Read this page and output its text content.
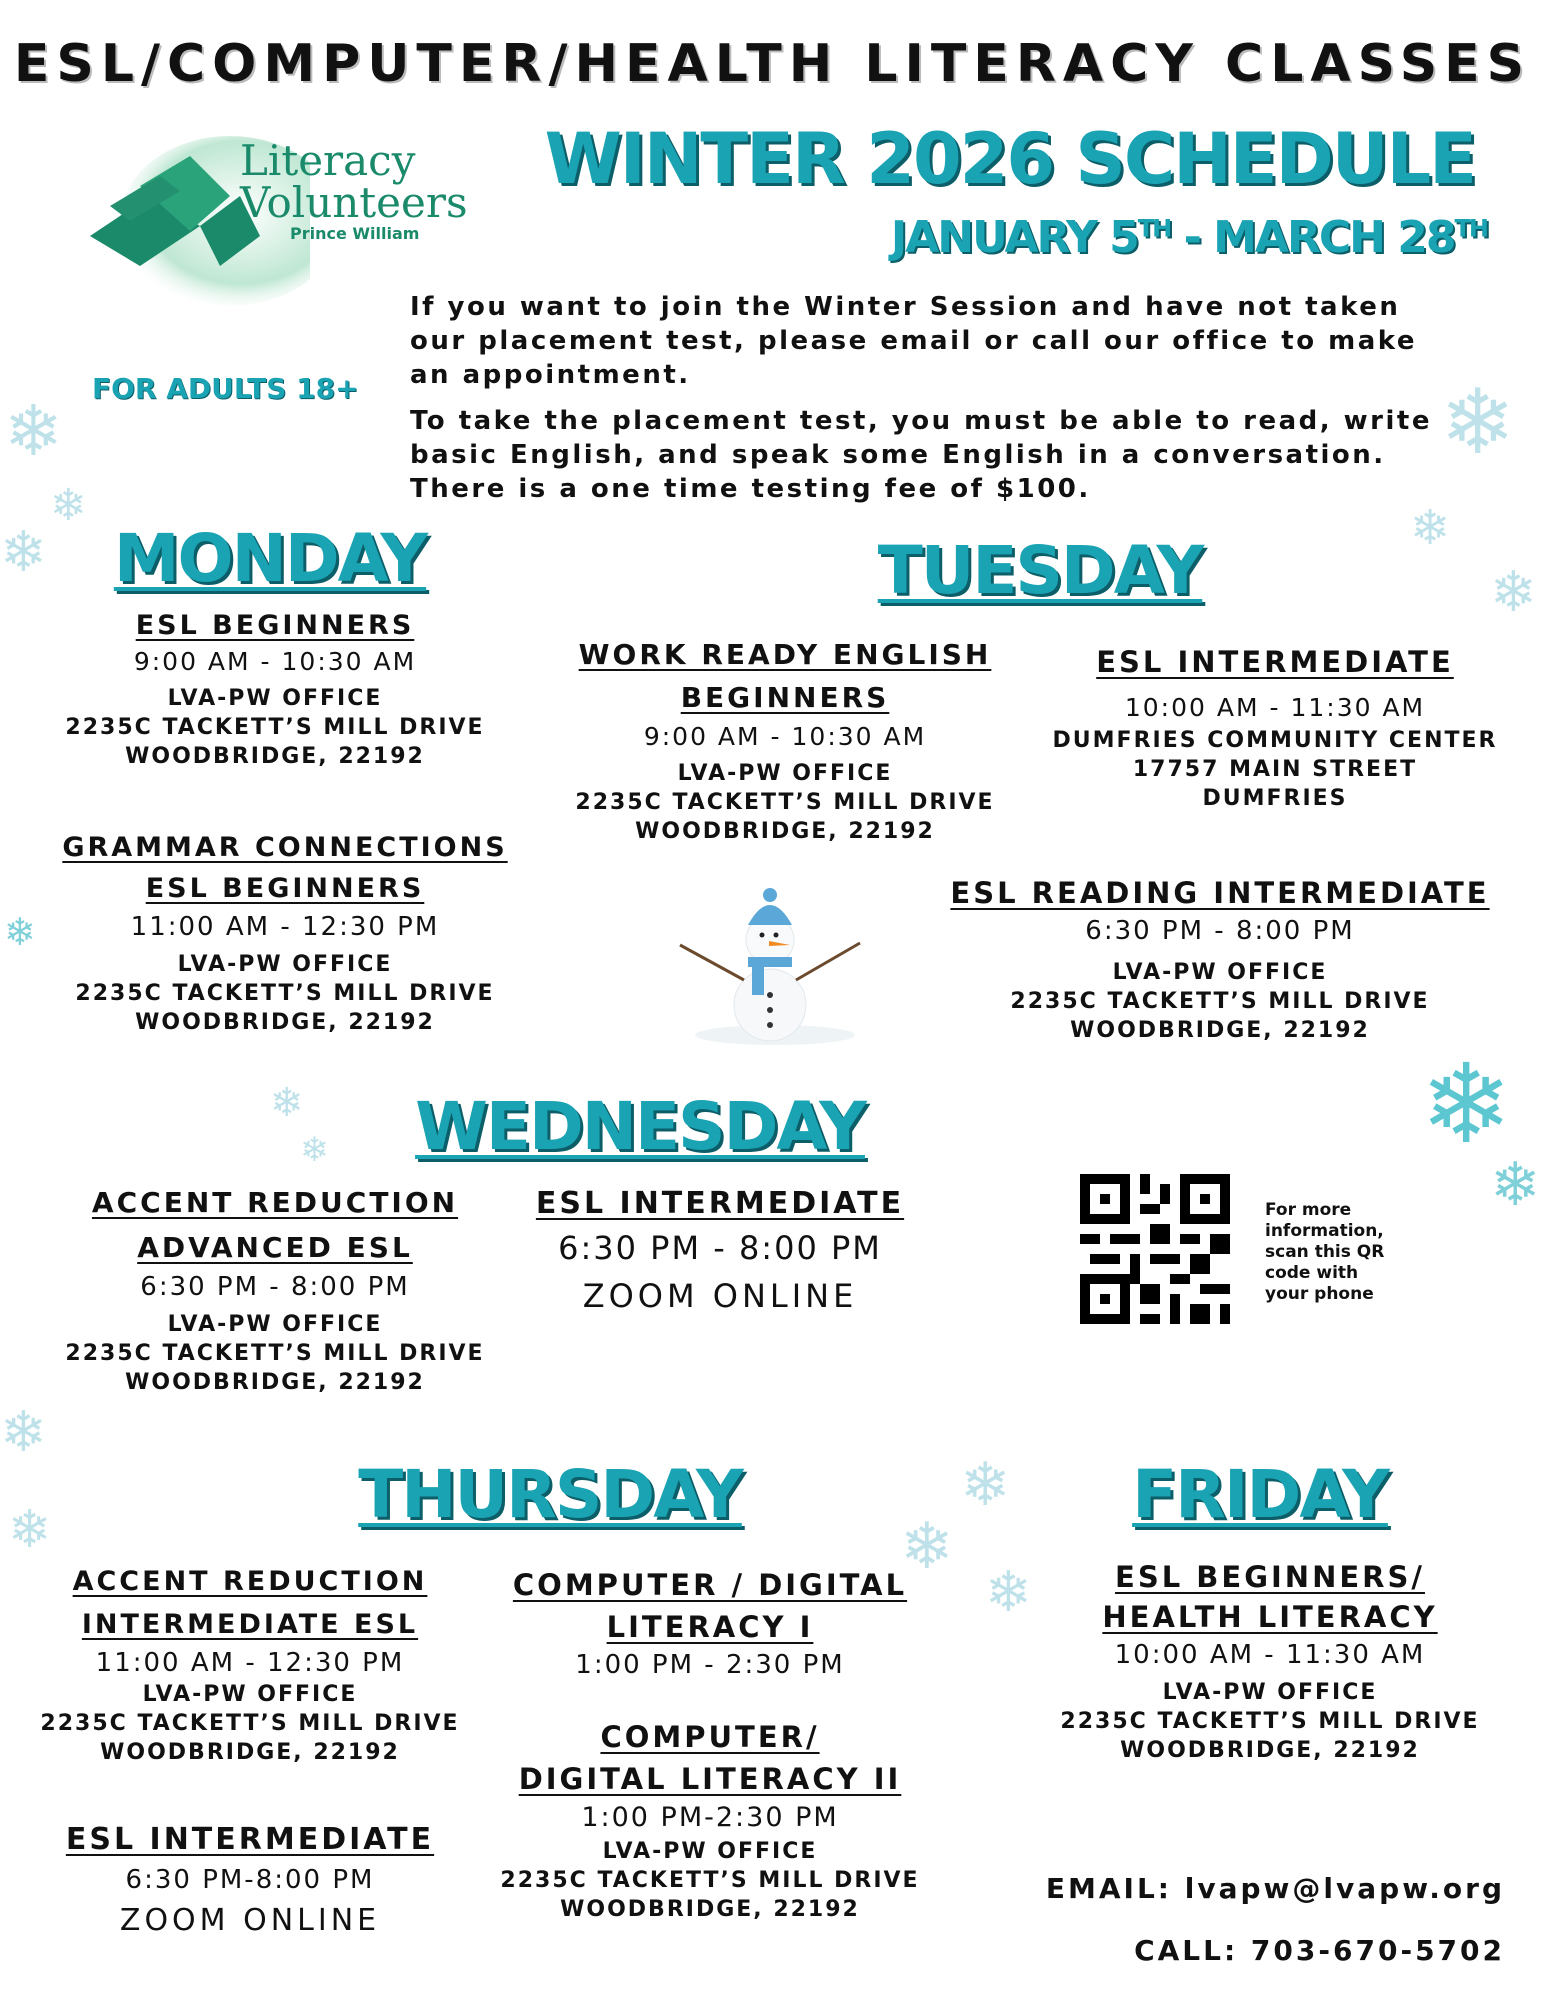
❄
❄
❄
❄
❄
❄
❄
❄
❄	❄
❄
❄
❄
❄
❄
❄
ESL/COMPUTER/HEALTH LITERACY CLASSES
Literacy
Volunteers
Prince William
WINTER 2026 SCHEDULE
JANUARY 5TH - MARCH 28TH
FOR ADULTS 18+
If you want to join the Winter Session and have not taken our placement test, please email or call our office to make an appointment.
To take the placement test, you must be able to read, write basic English, and speak some English in a conversation. There is a one time testing fee of $100.
MONDAY
ESL BEGINNERS
9:00 AM - 10:30 AM
LVA-PW OFFICE
2235C TACKETT’S MILL DRIVE
WOODBRIDGE, 22192
GRAMMAR CONNECTIONS
ESL BEGINNERS
11:00 AM - 12:30 PM
LVA-PW OFFICE
2235C TACKETT’S MILL DRIVE
WOODBRIDGE, 22192
TUESDAY
WORK READY ENGLISH
BEGINNERS
9:00 AM - 10:30 AM
LVA-PW OFFICE
2235C TACKETT’S MILL DRIVE
WOODBRIDGE, 22192
ESL INTERMEDIATE
10:00 AM - 11:30 AM
DUMFRIES COMMUNITY CENTER
17757 MAIN STREET
DUMFRIES
ESL READING INTERMEDIATE
6:30 PM - 8:00 PM
LVA-PW OFFICE
2235C TACKETT’S MILL DRIVE
WOODBRIDGE, 22192
WEDNESDAY
ACCENT REDUCTION
ADVANCED ESL
6:30 PM - 8:00 PM
LVA-PW OFFICE
2235C TACKETT’S MILL DRIVE
WOODBRIDGE, 22192
ESL INTERMEDIATE
6:30 PM - 8:00 PM
ZOOM ONLINE
For more information, scan this QR code with your phone
THURSDAY
ACCENT REDUCTION
INTERMEDIATE ESL
11:00 AM - 12:30 PM
LVA-PW OFFICE
2235C TACKETT’S MILL DRIVE
WOODBRIDGE, 22192
ESL INTERMEDIATE
6:30 PM-8:00 PM
ZOOM ONLINE
COMPUTER / DIGITAL
LITERACY I
1:00 PM - 2:30 PM
COMPUTER/
DIGITAL LITERACY II
1:00 PM-2:30 PM
LVA-PW OFFICE
2235C TACKETT’S MILL DRIVE
WOODBRIDGE, 22192
FRIDAY
ESL BEGINNERS/
HEALTH LITERACY
10:00 AM - 11:30 AM
LVA-PW OFFICE
2235C TACKETT’S MILL DRIVE
WOODBRIDGE, 22192
EMAIL: lvapw@lvapw.org
CALL: 703-670-5702
